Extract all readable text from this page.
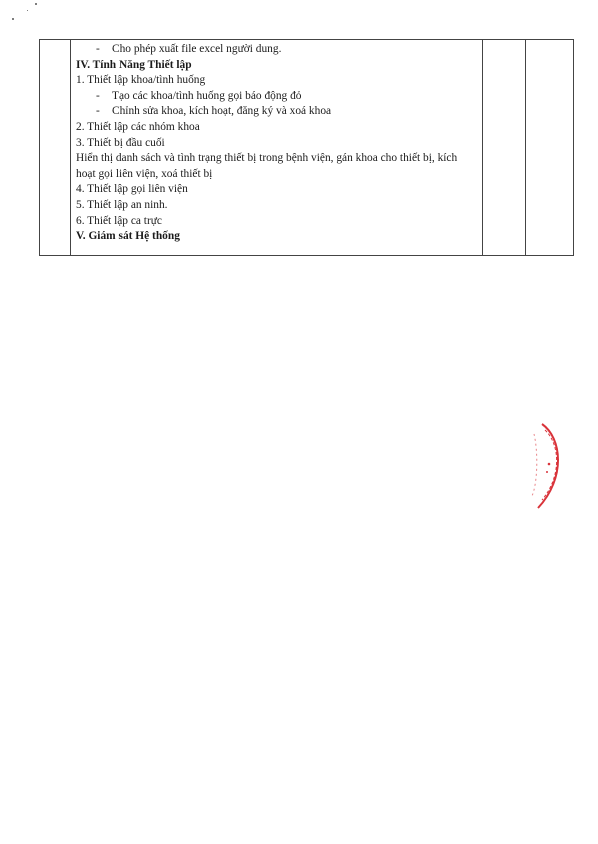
- Cho phép xuất file excel người dung.
IV. Tính Năng Thiết lập
1. Thiết lập khoa/tình huống
- Tạo các khoa/tình huống gọi báo động đỏ
- Chỉnh sửa khoa, kích hoạt, đăng ký và xoá khoa
2. Thiết lập các nhóm khoa
3. Thiết bị đầu cuối
Hiển thị danh sách và tình trạng thiết bị trong bệnh viện, gán khoa cho thiết bị, kích hoạt gọi liên viện, xoá thiết bị
4. Thiết lập gọi liên viện
5. Thiết lập an ninh.
6. Thiết lập ca trực
V. Giám sát Hệ thống
